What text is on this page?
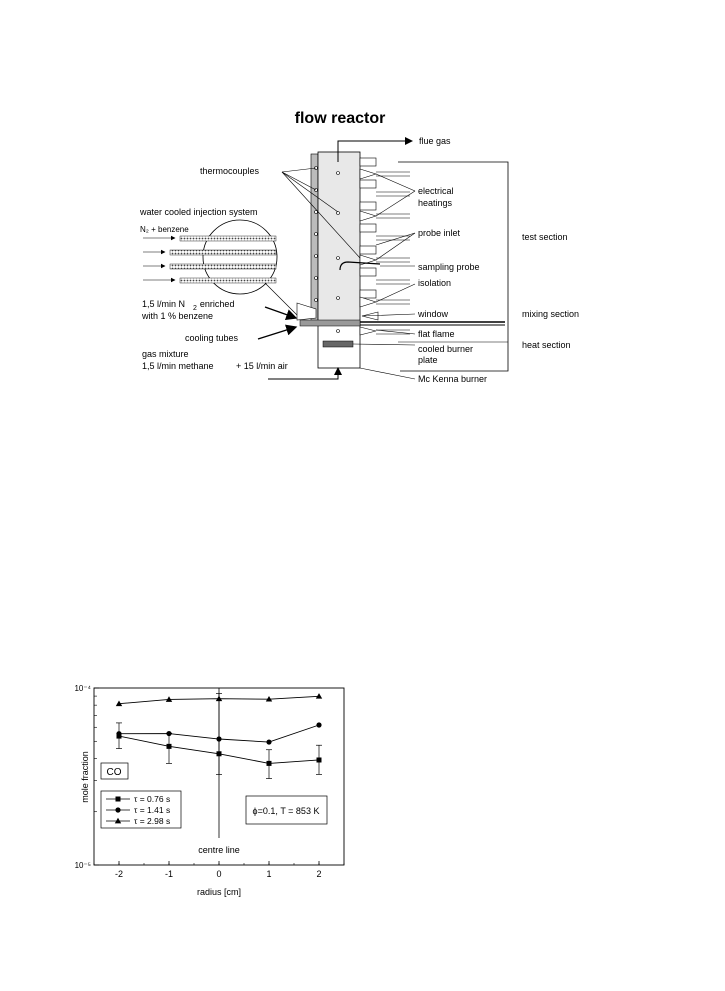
flow reactor
flue gas
thermocouples
electrical
heatings
water cooled injection system
N₂ + benzene	probe inlet	test section
sampling probe
isolation
1,5 l/min N $_2$ enriched
with 1 % benzene	window	mixing section
cooling tubes	flat flame
cooled burner
plate
heat section
gas mixture
1,5 l/min methane + 15 l/min air
Mc Kenna burner
-2	-1	0	1	2
10⁻⁵
10⁻⁴
radius [cm]
mole fraction
centre line
CO
ϕ=0.1, T = 853 K
τ = 0.76 s
τ = 1.41 s
τ = 2.98 s
